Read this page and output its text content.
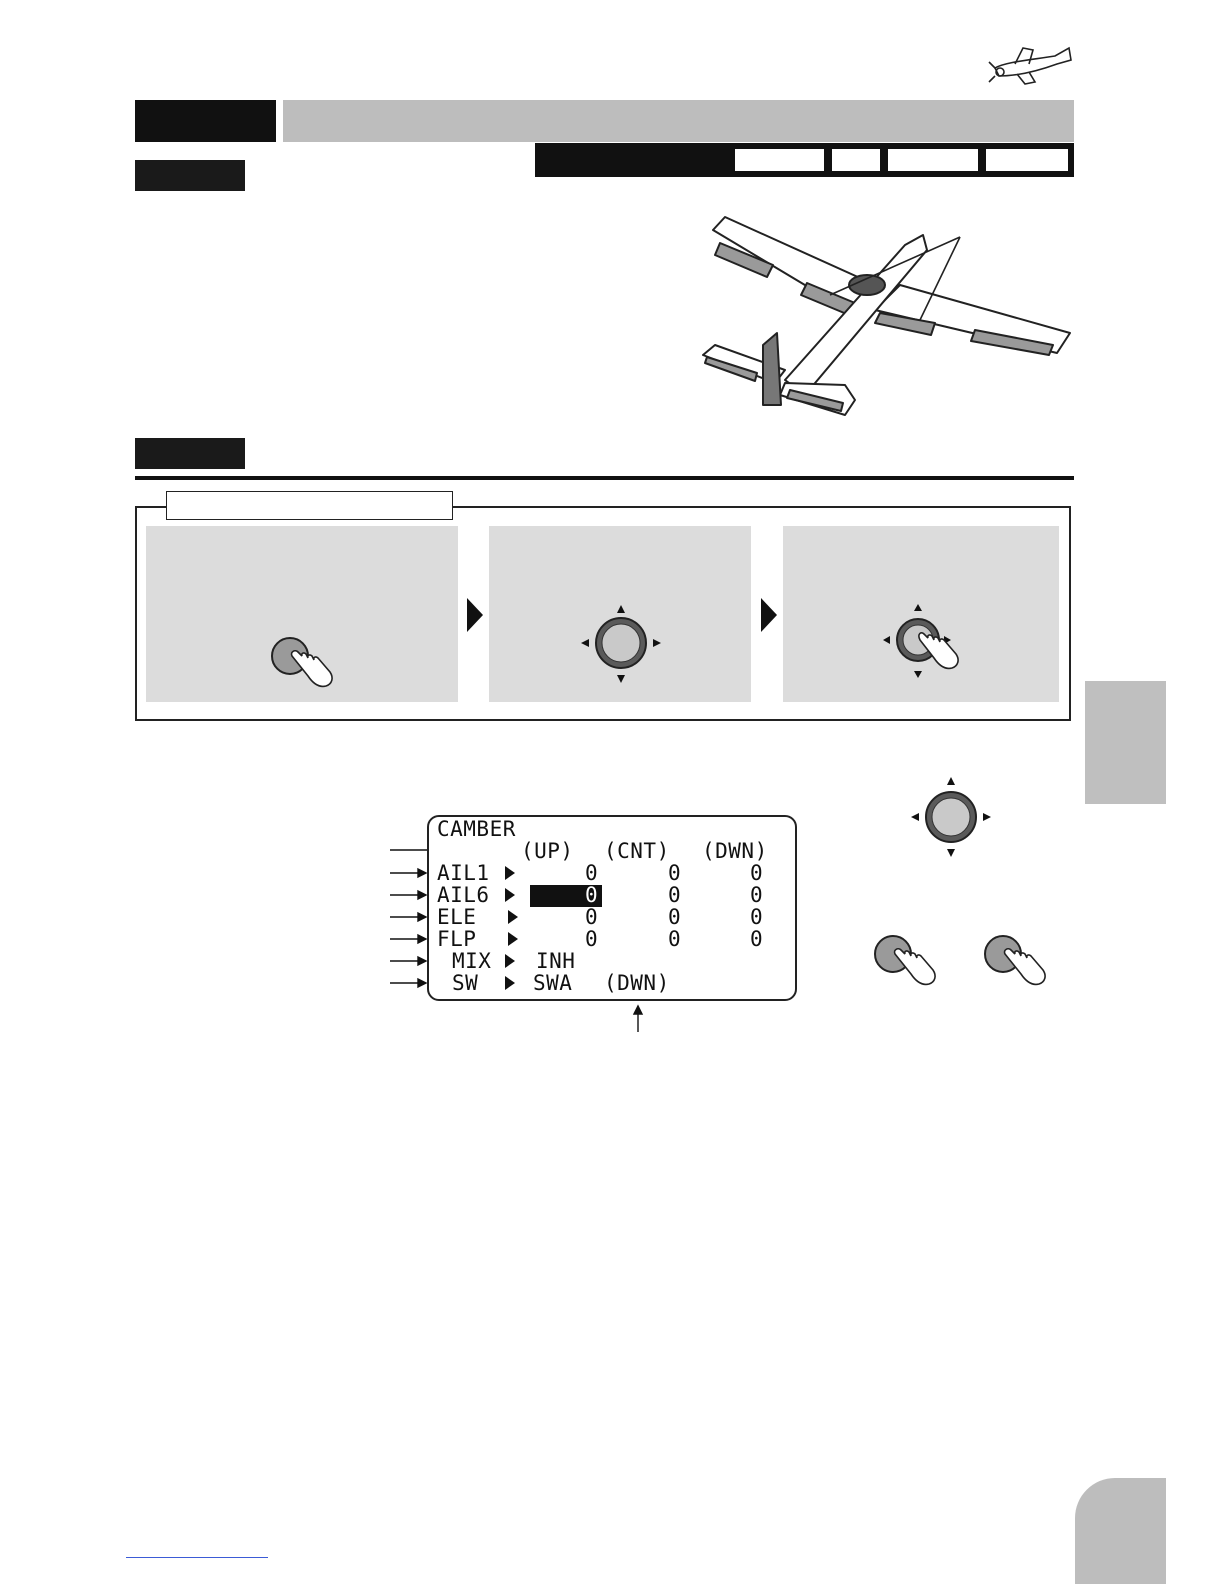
CAMBER
(UP) (CNT) (DWN)
AIL1	0	0	0
AIL6	0	0	0
ELE	0	0	0
FLP	0	0	0
MIX INH
SW	SWA (DWN)
